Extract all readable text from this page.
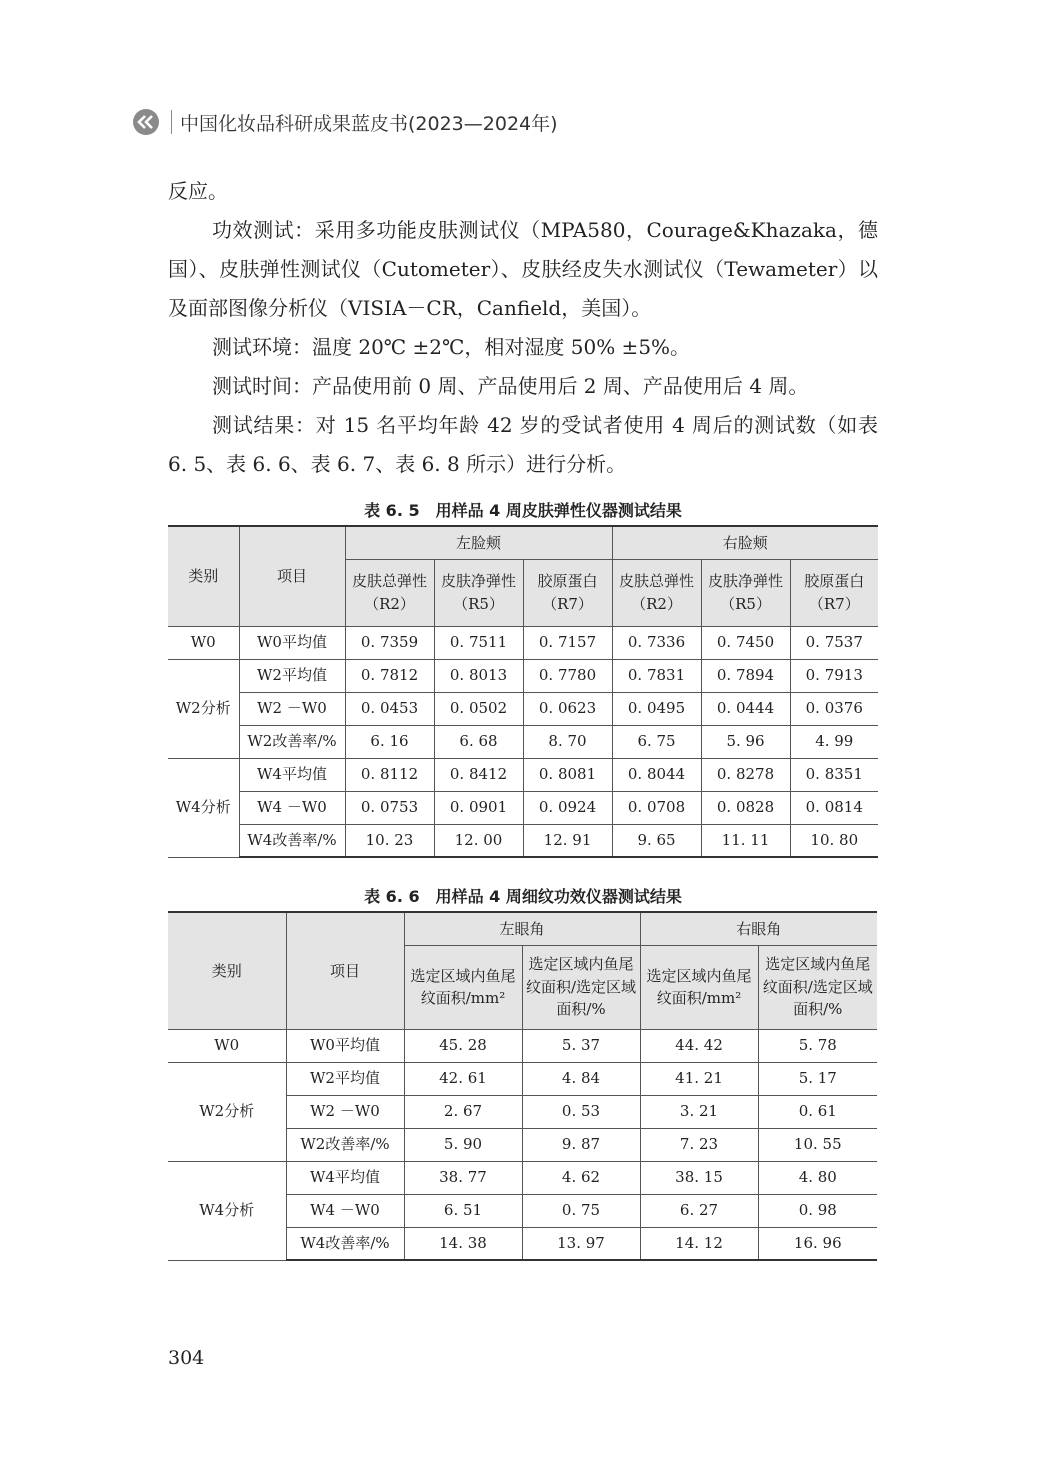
中国化妆品科研成果蓝皮书(2023—2024年)

反应。

功效测试：采用多功能皮肤测试仪（MPA580，Courage&Khazaka，德国）、皮肤弹性测试仪（Cutometer）、皮肤经皮失水测试仪（Tewameter）以及面部图像分析仪（VISIA－CR，Canfield，美国）。

测试环境：温度 20℃ ±2℃，相对湿度 50% ±5%。

测试时间：产品使用前 0 周、产品使用后 2 周、产品使用后 4 周。

测试结果：对 15 名平均年龄 42 岁的受试者使用 4 周后的测试数（如表 6. 5、表 6. 6、表 6. 7、表 6. 8 所示）进行分析。

表 6. 5　用样品 4 周皮肤弹性仪器测试结果
类别	项目	左脸颊			右脸颊		
		皮肤总弹性（R2）	皮肤净弹性（R5）	胶原蛋白（R7）	皮肤总弹性（R2）	皮肤净弹性（R5）	胶原蛋白（R7）
W0	W0平均值	0. 7359	0. 7511	0. 7157	0. 7336	0. 7450	0. 7537
W2分析	W2平均值	0. 7812	0. 8013	0. 7780	0. 7831	0. 7894	0. 7913
	W2 －W0	0. 0453	0. 0502	0. 0623	0. 0495	0. 0444	0. 0376
	W2改善率/%	6. 16	6. 68	8. 70	6. 75	5. 96	4. 99
W4分析	W4平均值	0. 8112	0. 8412	0. 8081	0. 8044	0. 8278	0. 8351
	W4 －W0	0. 0753	0. 0901	0. 0924	0. 0708	0. 0828	0. 0814
	W4改善率/%	10. 23	12. 00	12. 91	9. 65	11. 11	10. 80
表 6. 6　用样品 4 周细纹功效仪器测试结果
类别	项目	左眼角		右眼角	
		选定区域内鱼尾纹面积/mm²	选定区域内鱼尾纹面积/选定区域面积/%	选定区域内鱼尾纹面积/mm²	选定区域内鱼尾纹面积/选定区域面积/%
W0	W0平均值	45. 28	5. 37	44. 42	5. 78
W2分析	W2平均值	42. 61	4. 84	41. 21	5. 17
	W2 －W0	2. 67	0. 53	3. 21	0. 61
	W2改善率/%	5. 90	9. 87	7. 23	10. 55
W4分析	W4平均值	38. 77	4. 62	38. 15	4. 80
	W4 －W0	6. 51	0. 75	6. 27	0. 98
	W4改善率/%	14. 38	13. 97	14. 12	16. 96
304
